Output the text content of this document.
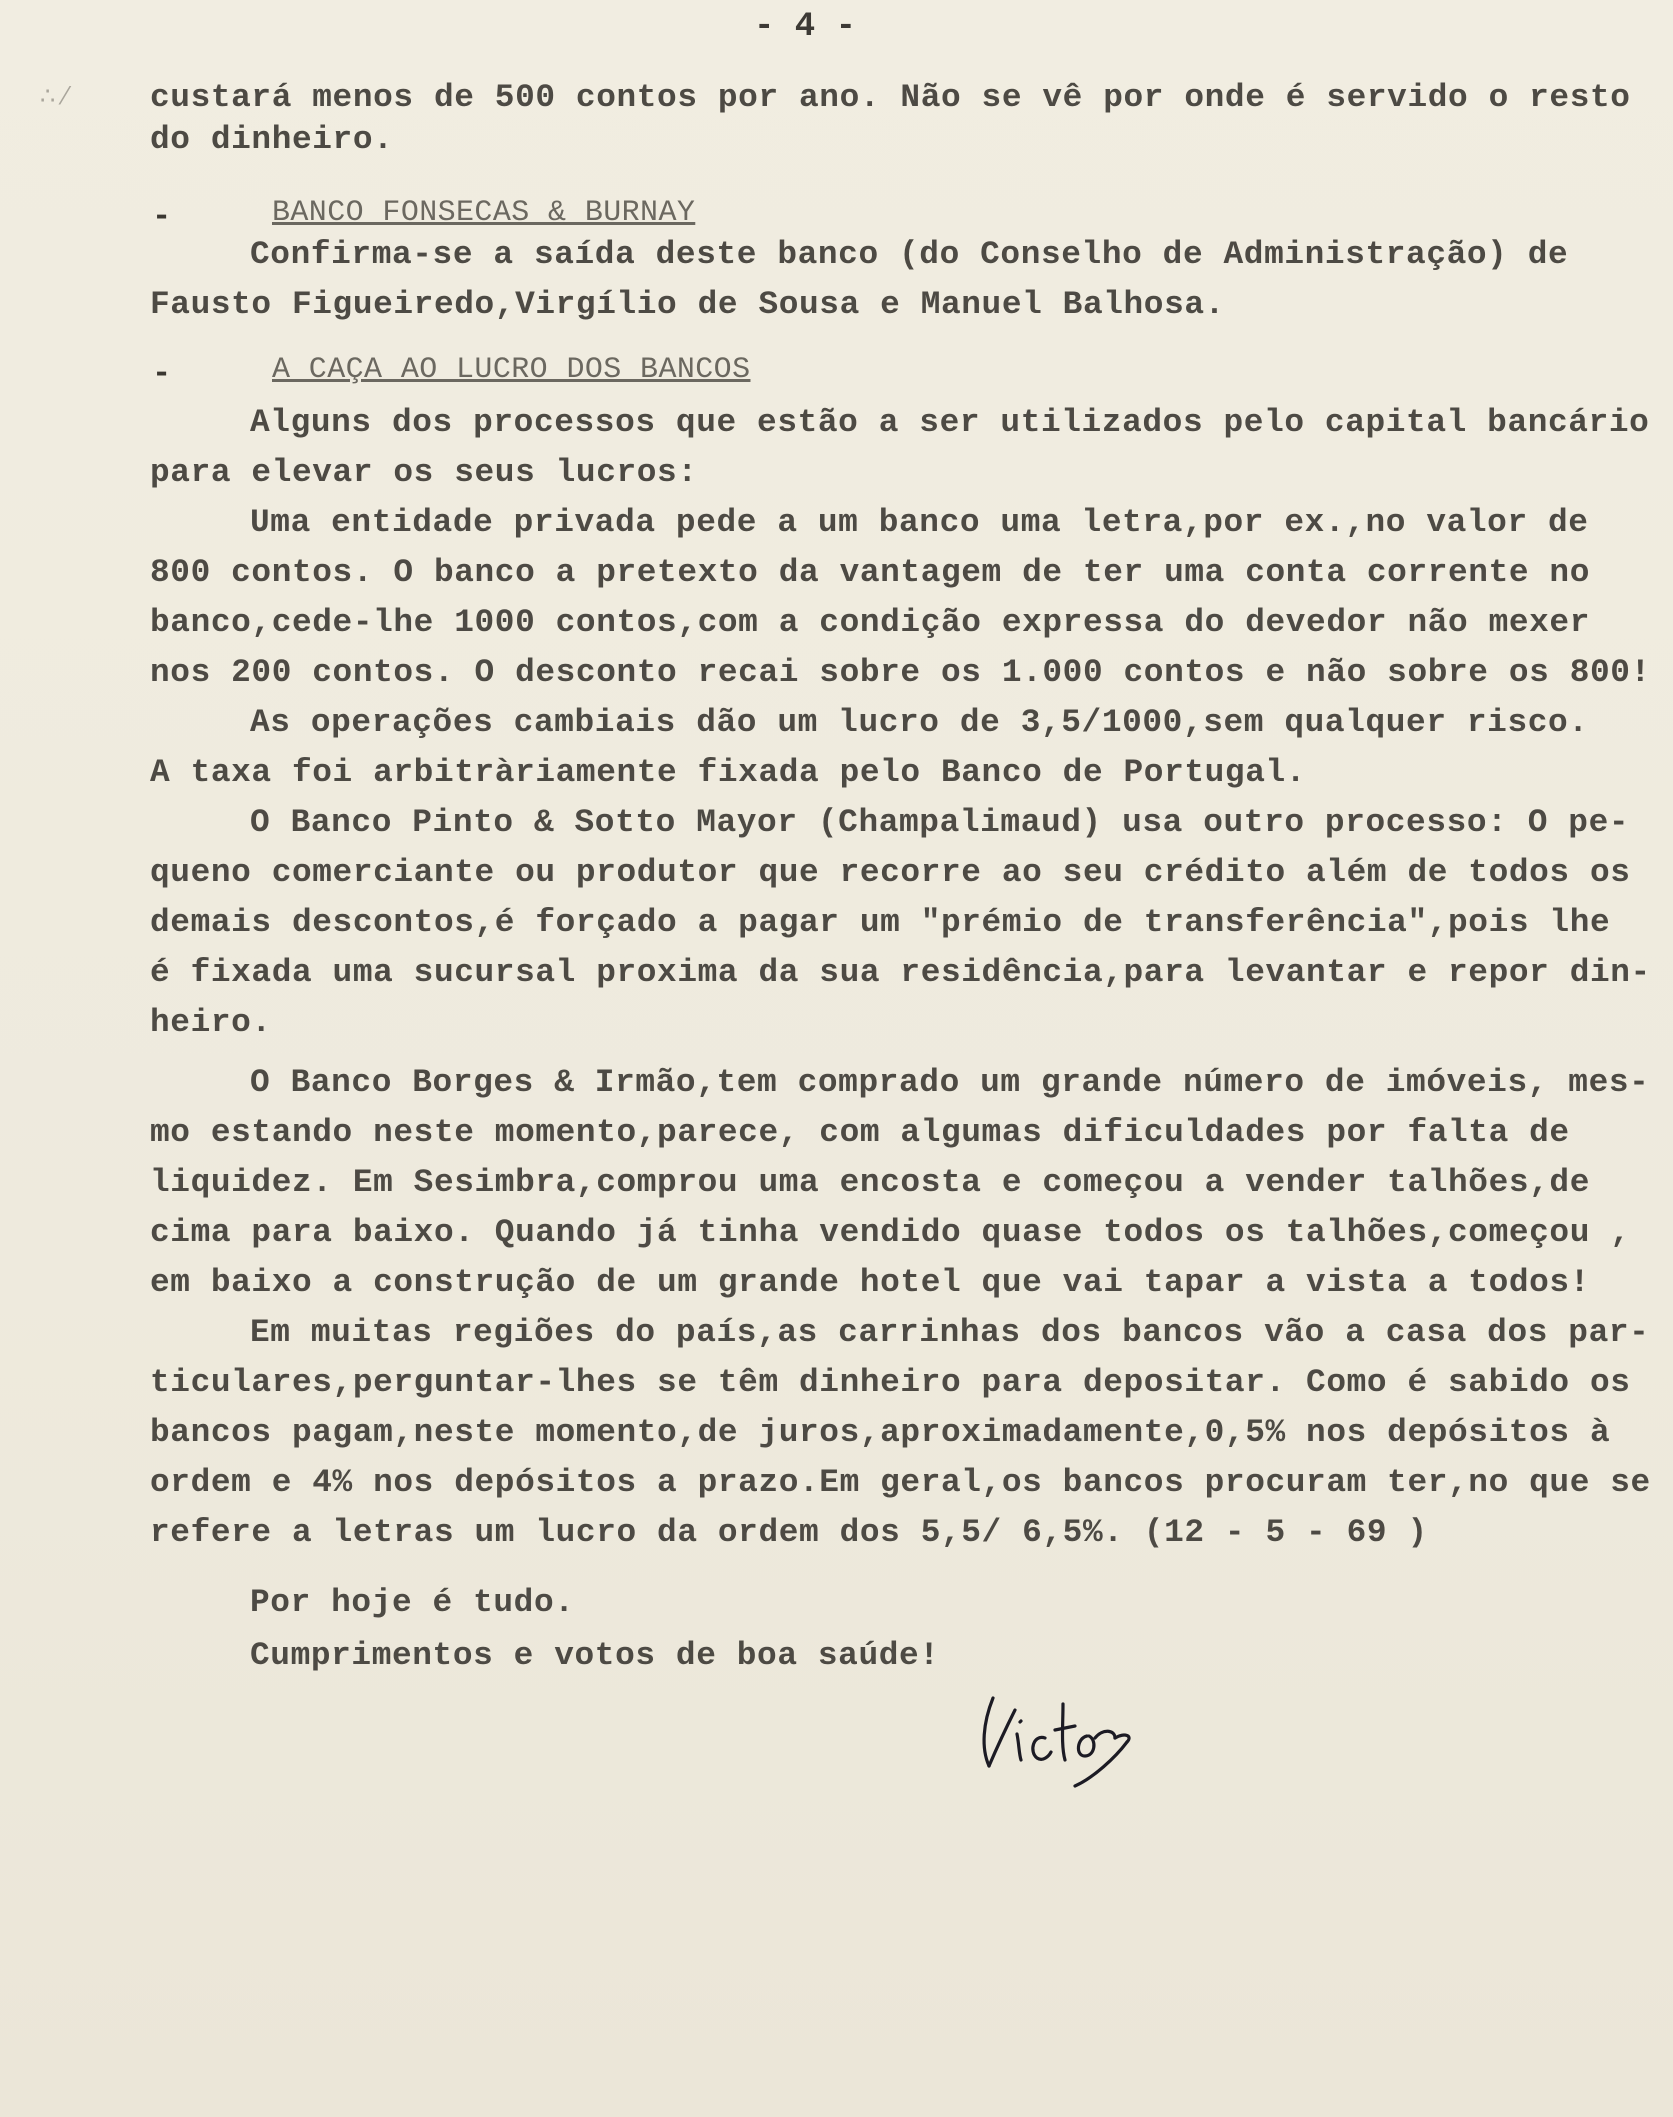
- 4 -
∴ ⁄	custará menos de 500 contos por ano. Não se vê por onde é servido o resto
do dinheiro.
-	BANCO FONSECAS & BURNAY
Confirma-se a saída deste banco (do Conselho de Administração) de
Fausto Figueiredo,Virgílio de Sousa e Manuel Balhosa.
-	A CAÇA AO LUCRO DOS BANCOS
Alguns dos processos que estão a ser utilizados pelo capital bancário
para elevar os seus lucros:
Uma entidade privada pede a um banco uma letra,por ex.,no valor de
800 contos. O banco a pretexto da vantagem de ter uma conta corrente no
banco,cede-lhe 1000 contos,com a condição expressa do devedor não mexer
nos 200 contos. O desconto recai sobre os 1.000 contos e não sobre os 800!
As operações cambiais dão um lucro de 3,5/1000,sem qualquer risco.
A taxa foi arbitràriamente fixada pelo Banco de Portugal.
O Banco Pinto & Sotto Mayor (Champalimaud) usa outro processo: O pe-
queno comerciante ou produtor que recorre ao seu crédito além de todos os
demais descontos,é forçado a pagar um "prémio de transferência",pois lhe
é fixada uma sucursal proxima da sua residência,para levantar e repor din-
heiro.
O Banco Borges & Irmão,tem comprado um grande número de imóveis, mes-
mo estando neste momento,parece, com algumas dificuldades por falta de
liquidez. Em Sesimbra,comprou uma encosta e começou a vender talhões,de
cima para baixo. Quando já tinha vendido quase todos os talhões,começou ,
em baixo a construção de um grande hotel que vai tapar a vista a todos!
Em muitas regiões do país,as carrinhas dos bancos vão a casa dos par-
ticulares,perguntar-lhes se têm dinheiro para depositar. Como é sabido os
bancos pagam,neste momento,de juros,aproximadamente,0,5% nos depósitos à
ordem e 4% nos depósitos a prazo.Em geral,os bancos procuram ter,no que se
refere a letras um lucro da ordem dos 5,5/ 6,5%. (12 - 5 - 69 )
Por hoje é tudo.
Cumprimentos e votos de boa saúde!
